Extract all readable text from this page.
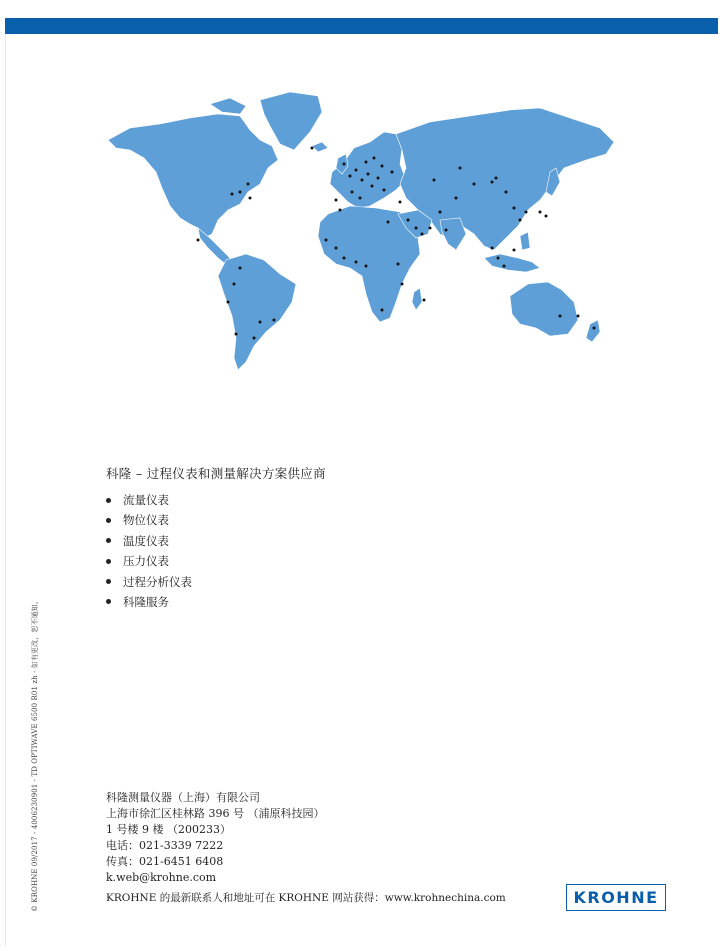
科隆 – 过程仪表和测量解决方案供应商
流量仪表
物位仪表
温度仪表
压力仪表
过程分析仪表
科隆服务
© KROHNE 09/2017 - 4006230901 - TD OPTIWAVE 6500 R01 zh - 如有更改，恕不通知。	科隆测量仪器（上海）有限公司
上海市徐汇区桂林路 396 号 （浦原科技园）
1 号楼 9 楼 （200233）
电话：021-3339 7222
传真：021-6451 6408
k.web@krohne.com
KROHNE 的最新联系人和地址可在 KROHNE 网站获得：www.krohnechina.com	KROHNE
